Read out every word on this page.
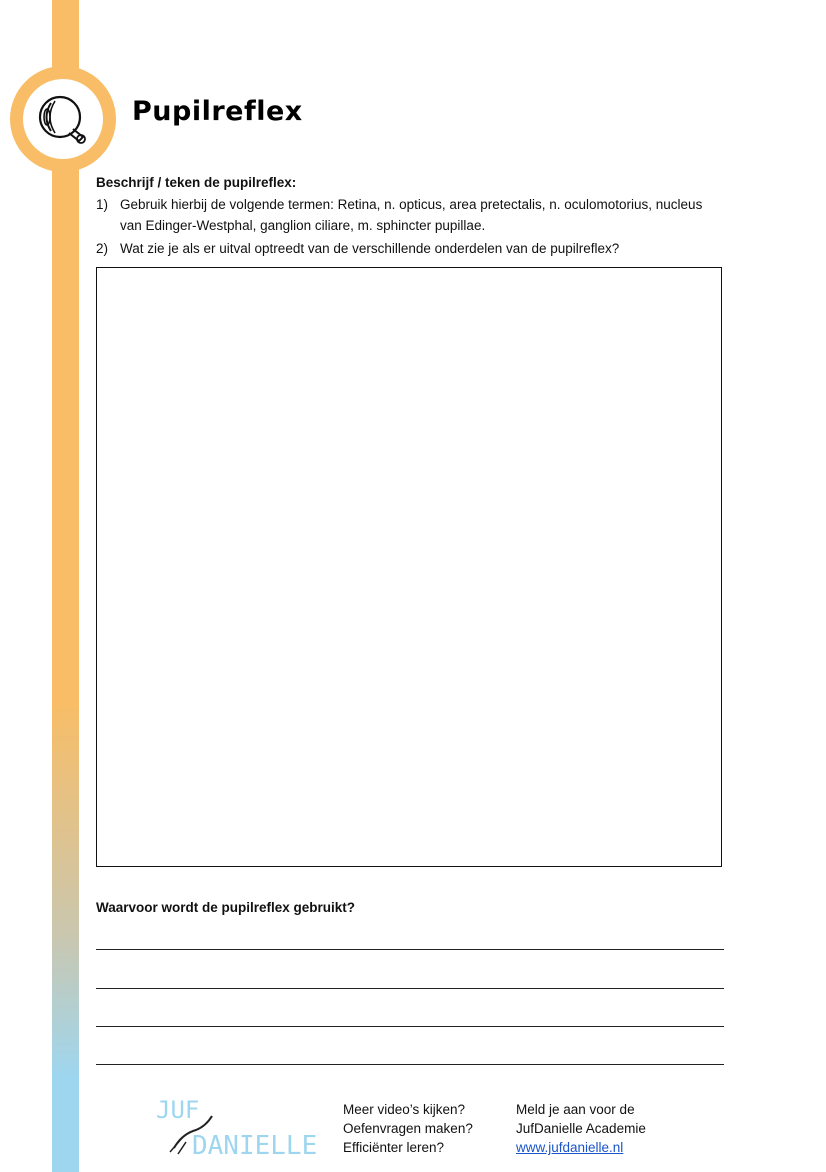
Pupilreflex
Beschrijf / teken de pupilreflex:
1) Gebruik hierbij de volgende termen: Retina, n. opticus, area pretectalis, n. oculomotorius, nucleus van Edinger-Westphal, ganglion ciliare, m. sphincter pupillae.
2) Wat zie je als er uitval optreedt van de verschillende onderdelen van de pupilreflex?
Waarvoor wordt de pupilreflex gebruikt?
JUF
DANIELLE
Meer video’s kijken?
Oefenvragen maken?
Efficiënter leren?
Meld je aan voor de
JufDanielle Academie
www.jufdanielle.nl
